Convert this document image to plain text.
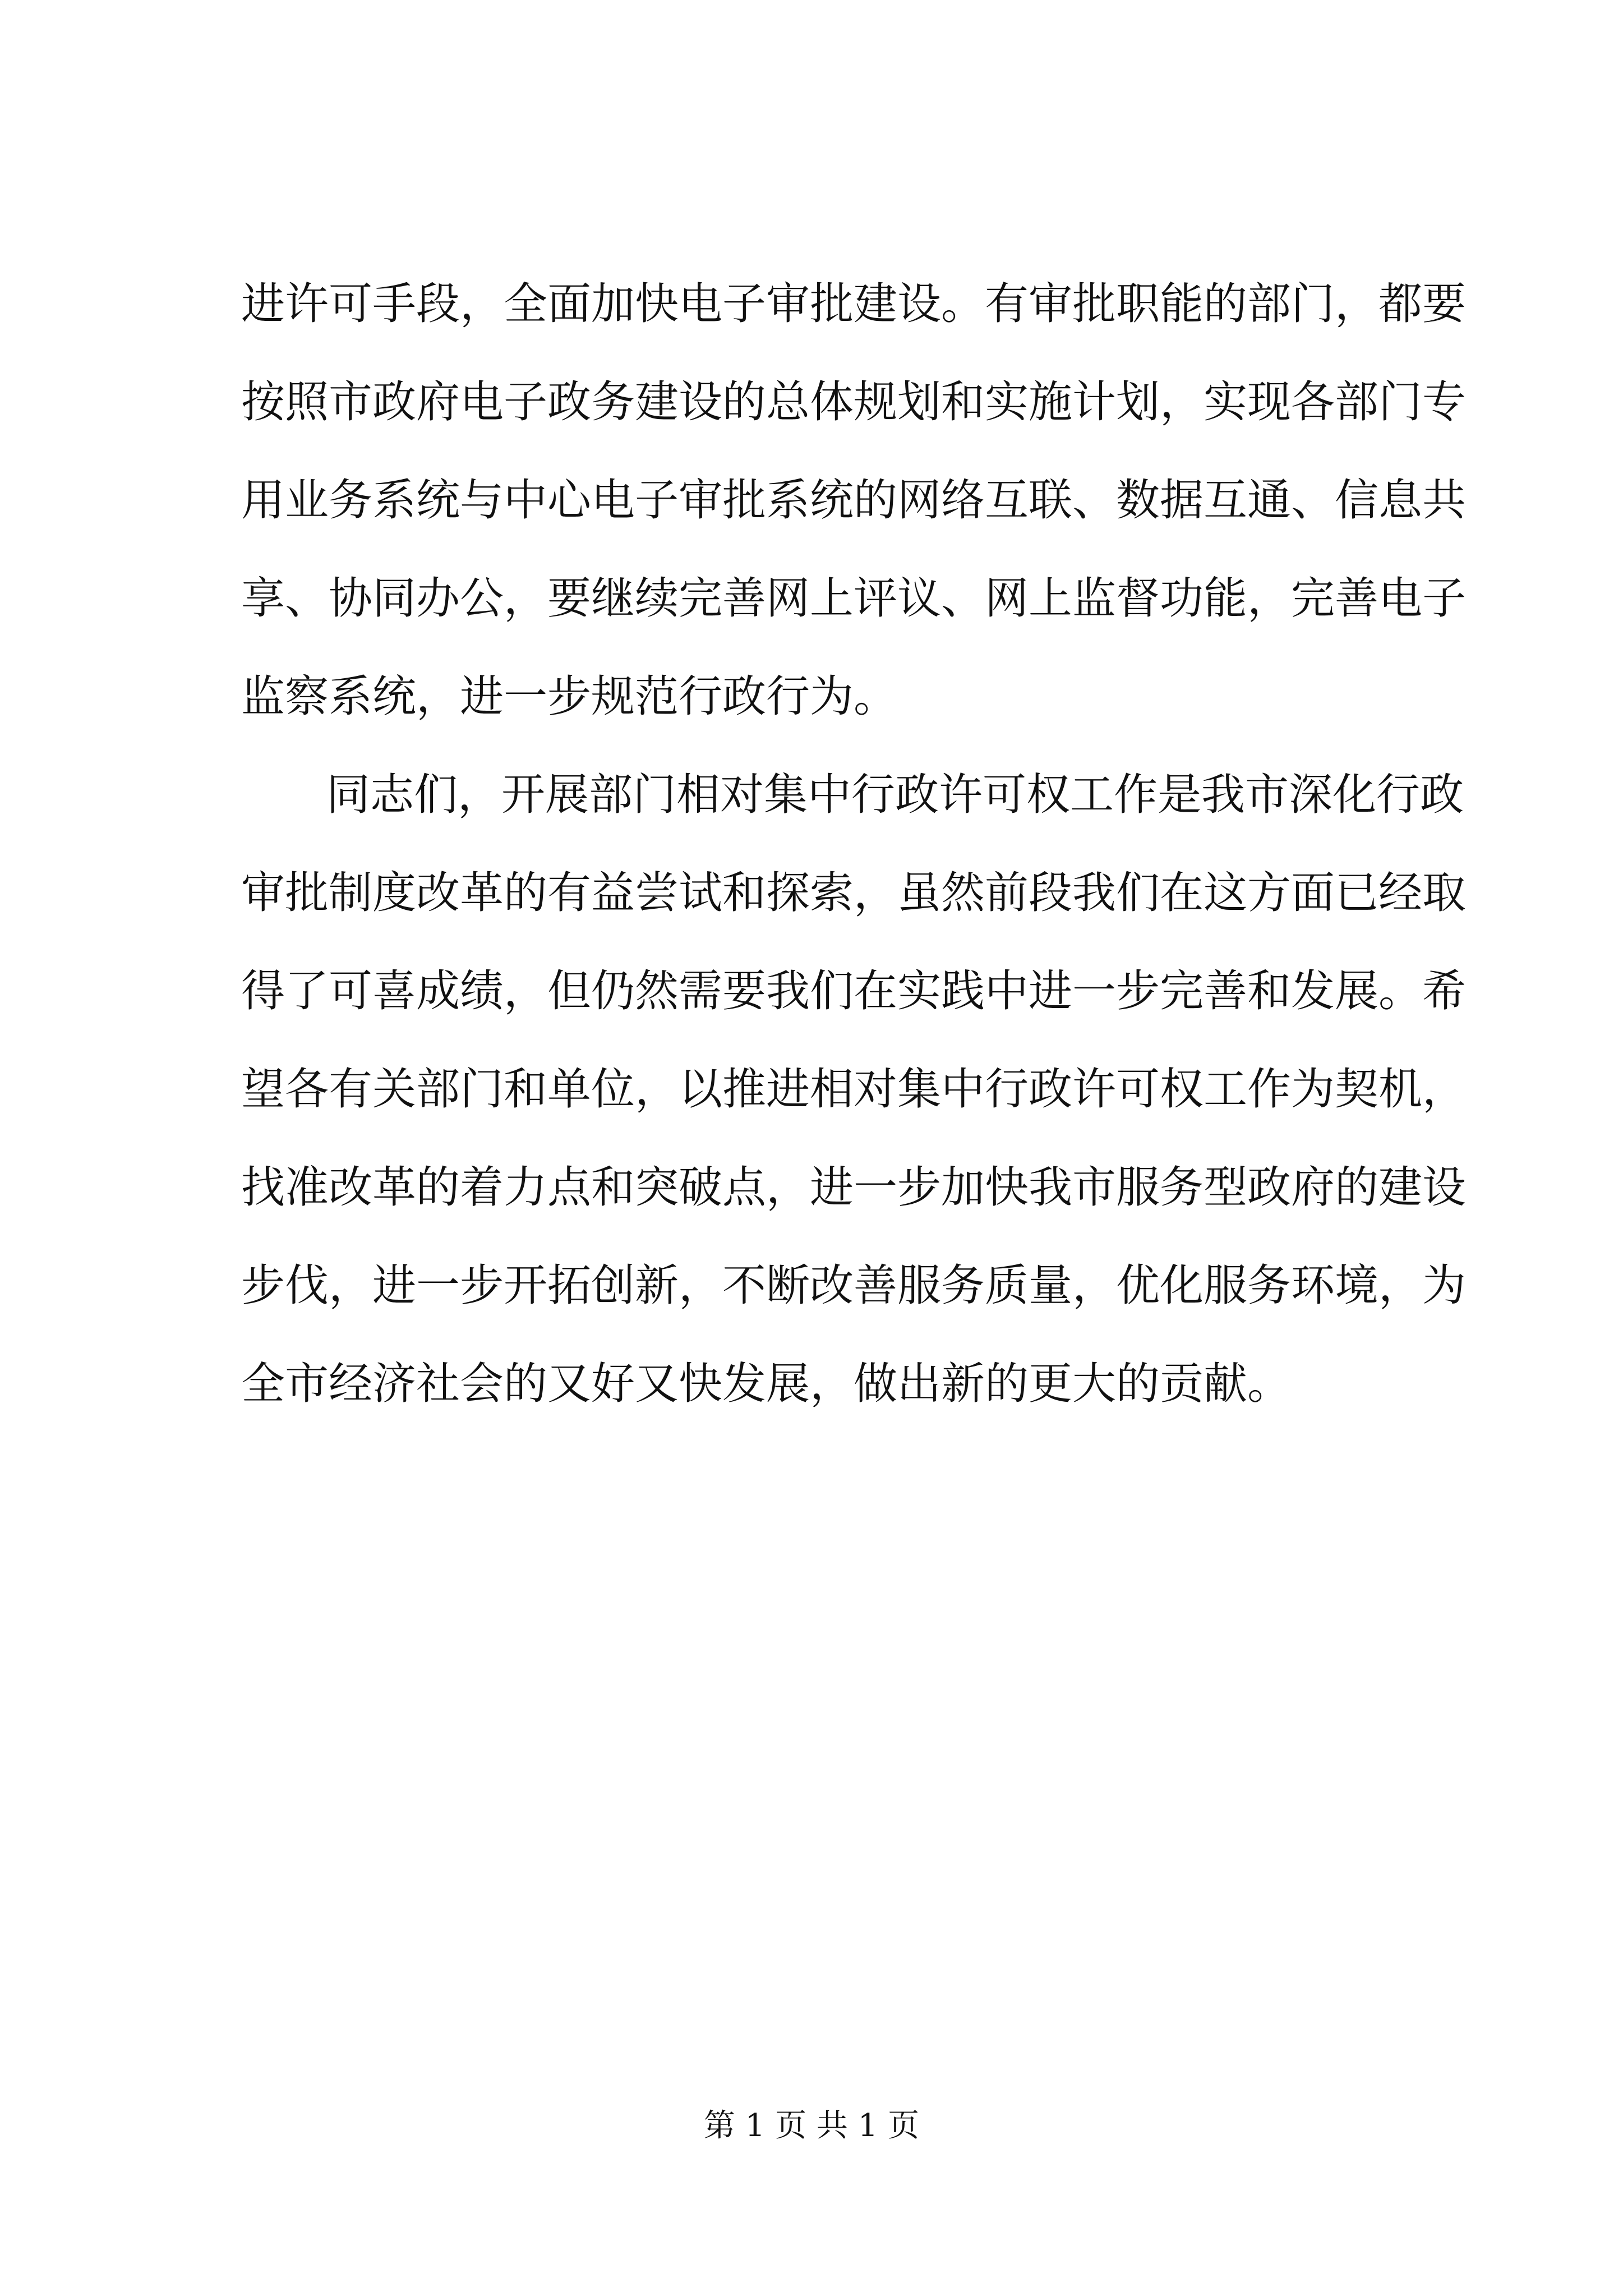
进许可手段，全面加快电子审批建设。有审批职能的部门，都要
按照市政府电子政务建设的总体规划和实施计划，实现各部门专
用业务系统与中心电子审批系统的网络互联、数据互通、信息共
享、协同办公，要继续完善网上评议、网上监督功能，完善电子
监察系统，进一步规范行政行为。
同志们，开展部门相对集中行政许可权工作是我市深化行政
审批制度改革的有益尝试和探索，虽然前段我们在这方面已经取
得了可喜成绩，但仍然需要我们在实践中进一步完善和发展。希
望各有关部门和单位，以推进相对集中行政许可权工作为契机，
找准改革的着力点和突破点，进一步加快我市服务型政府的建设
步伐，进一步开拓创新，不断改善服务质量，优化服务环境，为
全市经济社会的又好又快发展，做出新的更大的贡献。
第 1 页 共 1 页
